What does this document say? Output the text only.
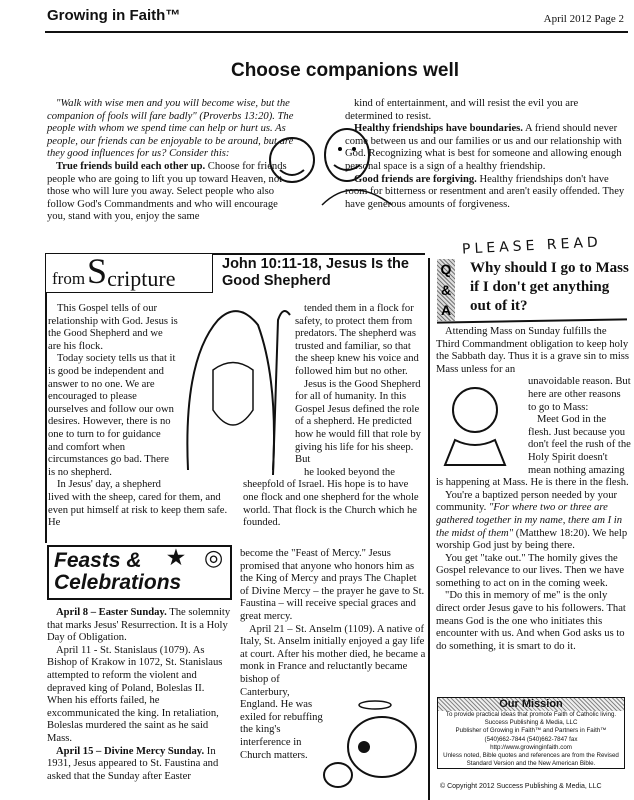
Growing in Faith™	April 2012 Page 2
Choose companions well

"Walk with wise men and you will become wise, but the companion of fools will fare badly" (Proverbs 13:20). The people with whom we spend time can help or hurt us. As people, our friends can be enjoyable to be around, but are they good influences for us? Consider this:

True friends build each other up. Choose for friends people who are going to lift you up toward Heaven, not those who will lure you away. Select people who also follow God's Commandments and who will encourage you, stand with you, enjoy the same

kind of entertainment, and will resist the evil you are determined to resist.

Healthy friendships have boundaries. A friend should never come between us and our families or us and our relationship with God. Recognizing what is best for someone and allowing enough personal space is a sign of a healthy friendship.

Good friends are forgiving. Healthy friendships don't have room for bitterness or resentment and aren't easily offended. They have generous amounts of forgiveness.

PLEASE READ
from S cripture
John 10:11-18, Jesus Is the Good Shepherd

This Gospel tells of our relationship with God. Jesus is the Good Shepherd and we are his flock.

Today society tells us that it is good be independent and answer to no one. We are encouraged to please ourselves and follow our own desires. However, there is no one to turn to for guidance and comfort when circumstances go bad. There is no shepherd.

In Jesus' day, a shepherd lived with the sheep, cared for them, and even put himself at risk to keep them safe. He

tended them in a flock for safety, to protect them from predators. The shepherd was trusted and familiar, so that the sheep knew his voice and followed him but no other.

Jesus is the Good Shepherd for all of humanity. In this Gospel Jesus defined the role of a shepherd. He predicted how he would fill that role by giving his life for his sheep. But

he looked beyond the sheepfold of Israel. His hope is to have one flock and one shepherd for the whole world. That flock is the Church which he founded.

Q
&
A
Why should I go to Mass if I don't get anything out of it?

Attending Mass on Sunday fulfills the Third Commandment obligation to keep holy the Sabbath day. Thus it is a grave sin to miss Mass unless for an

unavoidable reason. But here are other reasons to go to Mass:

Meet God in the flesh. Just because you don't feel the rush of the Holy Spirit doesn't mean nothing amazing

is happening at Mass. He is there in the flesh.

You're a baptized person needed by your community. "For where two or three are gathered together in my name, there am I in the midst of them" (Matthew 18:20). We help worship God just by being there.

You get "take out." The homily gives the Gospel relevance to our lives. Then we have something to act on in the coming week.

"Do this in memory of me" is the only direct order Jesus gave to his followers. That means God is the one who initiates this encounter with us. And when God asks us to do something, it is smart to do it.

Our Mission
To provide practical ideas that promote Faith of Catholic living.
Success Publishing & Media, LLC
Publisher of Growing in Faith™ and Partners in Faith™
(540)662-7844 (540)662-7847 fax
http://www.growinginfaith.com
Unless noted, Bible quotes and references are from the Revised Standard Version and the New American Bible.
© Copyright 2012 Success Publishing & Media, LLC
Feasts &
Celebrations
★ ◎

April 8 – Easter Sunday. The solemnity that marks Jesus' Resurrection. It is a Holy Day of Obligation.

April 11 - St. Stanislaus (1079). As Bishop of Krakow in 1072, St. Stanislaus attempted to reform the violent and depraved king of Poland, Boleslas II. When his efforts failed, he excommunicated the king. In retaliation, Boleslas murdered the saint as he said Mass.

April 15 – Divine Mercy Sunday. In 1931, Jesus appeared to St. Faustina and asked that the Sunday after Easter

become the "Feast of Mercy." Jesus promised that anyone who honors him as the King of Mercy and prays The Chaplet of Divine Mercy – the prayer he gave to St. Faustina – will receive special graces and great mercy.

April 21 – St. Anselm (1109). A native of Italy, St. Anselm initially enjoyed a gay life at court. After his mother died, he became a monk in France and reluctantly became bishop of

Canterbury, England. He was exiled for rebuffing the king's interference in Church matters.
